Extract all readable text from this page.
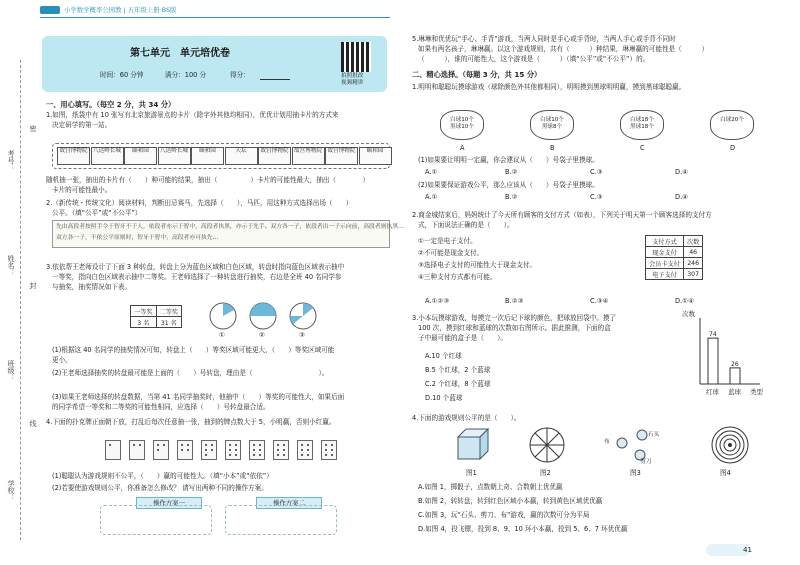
考号：
姓名：
班级：
学校：
密
封
线
小学数学概率公园教 | 五年级上册 BS版
第七单元　单元培优卷
时间：60 分钟	满分：100 分	得分：	拍照批改
视频精讲
一、用心填写。（每空 2 分，共 34 分）
1.如图，纸袋中有 10 张写有北京旅游景点的卡片（除字外其他均相同），优优计划用抽卡片的方式来
决定研学的第一站。
故宫博物院 八达岭长城	颐和园	八达岭长城	颐和园	天坛	故宫博物院 故宫博物院 故宫博物院	颐和园
随机抽一张，抽出的卡片有（　　）种可能的结果，抽出（　　　　　）卡片的可能性最大，抽出（　　　　）
卡片的可能性最小。
2.（新传统・传统文化）阅读材料，判断田忌赛马，先选择（　　），马匹，用这种方式选择出场（　　）
公平。（填“公平”或“不公平”）
先由高段者按照手令于智牙不于人，依段者亦示于智中，高段者执黑，亦示于先手。双方各一子，依段者出一子示向前，高段者则执黑…
双方各一子，不依公平原则时，智牙于智中，高段者亦可执先…
3.依依帮王老师设计了下面 3 种转盘，转盘上分为蓝色区域和白色区域，转盘时指向蓝色区域表示抽中
一等奖，指向白色区域表示抽中二等奖。王老师选择了一种转盘进行抽奖，右边是全班 40 名同学参
与抽奖，抽奖情况如下表。
一等奖	二等奖
3 名	31 名
①	②	③
(1)根据这 40 名同学的抽奖情况可知，转盘上（　　）等奖区域可能更大，（　　）等奖区域可能
更小。
(2)王老师选择抽奖的转盘最可能是上面的（　　）号转盘，理由是（　　　　　　　　　　）。
(3)如果王老师选择的转盘数据，当第 41 名同学抽奖时，他抽中（　　）等奖的可能性大，如果后面
的同学希望一等奖和二等奖的可能性相同，应选择（　　）号转盘最合适。
4.下面的扑克牌正面朝下放，打乱后每次任意抽一张，抽到的牌点数大于 5，小明赢，否则小红赢。
(1)聪聪认为游戏规则不公平，（　　）赢的可能性大。（填“小本”或“依依”）
(2)若要使游戏规则公平，你准备怎么修改？ 请写出两种不同的操作方案。
操作方案一	操作方案二
5.琳琳和优优玩“手心、手背”游戏，当两人同时是手心或手背时，当两人手心或手背不同时
如果有两名孩子，琳琳赢。以这个游戏规则，共有（　　　）种结果，琳琳赢的可能性是（　　　）
（　　　），谁的可能性大，这个游戏是（　　　）（填“公平”或“不公平”）的。
二、精心选择。（每题 3 分，共 15 分）
1.明明和聪聪玩摸球游戏（球除颜色外其他都相同），明明摸到黑球明明赢，摸到黑球聪聪赢。
白球10个
黑球10个
白球10个
黑球8个
白球18个
黑球18个
白球20个
A	B	C	D
(1)如果要让明明一定赢，你会建议从（　　）号袋子里摸球。
A.①	B.②	C.③	D.④
(2)如果要保证游戏公平，那么应该从（　　）号袋子里摸球。
A.①	B.②	C.③	D.④
2.商金城结束后，妈妈统计了今天所有顾客的支付方式（如表），下列关于明天第一个顾客选择的支付方
式，下面说法正确的是（　　）。
支付方式	次数
现金支付	46
会员卡支付	246
电子支付	307
①一定是电子支付。
②不可能是现金支付。
③选择电子支付的可能性大于现金支付。
④三种支付方式都有可能。
A.①②③	B.②③	C.③④	D.①④
3.小本玩摸球游戏，每摸完一次后记下球的颜色，把球放回袋中。摸了
100 次，摸到红球和蓝球的次数如右图所示。据此推测，下面的盒
子中最可能的盒子是（　　）。
A.10 个红球
B.5 个红球，2 个蓝球
C.2 个红球，8 个蓝球
D.10 个蓝球
次数
类型
74
红球
26
蓝球
4.下面的游戏规则公平的是（　　）。
图1	图2	图3	图4
布
石头
剪刀
A.如图 1，掷骰子，点数朝上奇、合数朝上优优赢
B.如图 2，转转盘，转到红色区域小本赢，转到黄色区域优优赢
C.如图 3，玩“石头、剪刀、布”游戏，赢的次数可分为平局
D.如图 4，投飞镖，投到 8、9、10 环小本赢，投到 5、6、7 环优优赢
41
